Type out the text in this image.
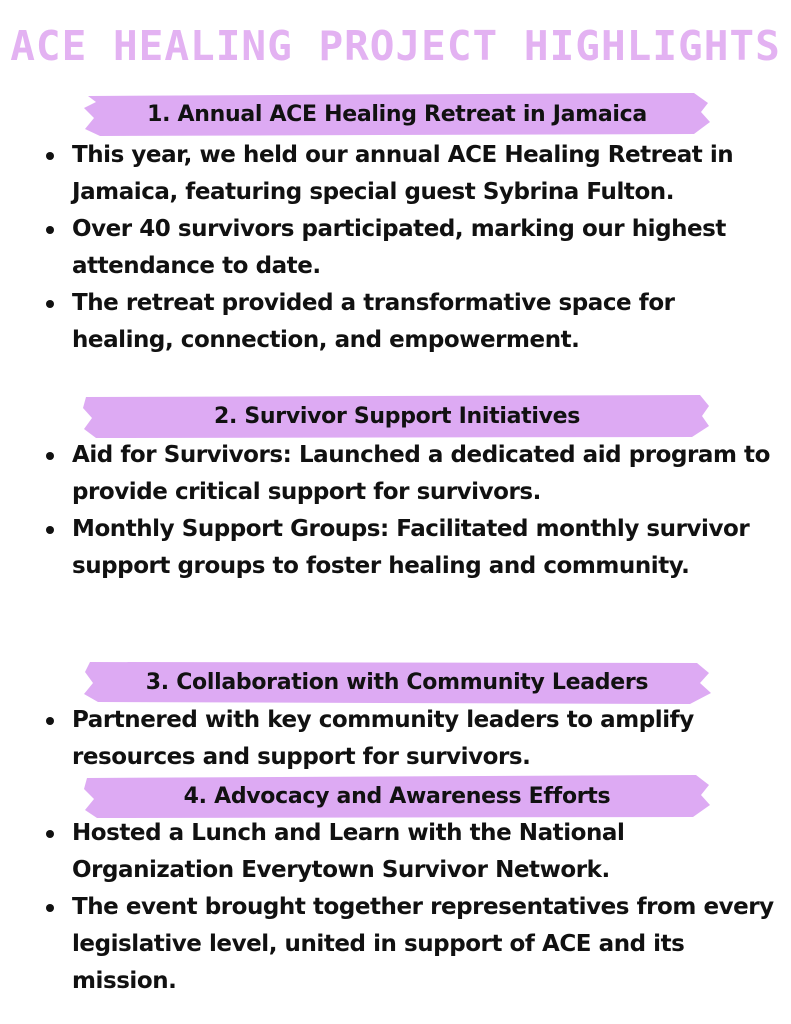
ACE HEALING PROJECT HIGHLIGHTS
1. Annual ACE Healing Retreat in Jamaica
This year, we held our annual ACE Healing Retreat in Jamaica, featuring special guest Sybrina Fulton.
Over 40 survivors participated, marking our highest attendance to date.
The retreat provided a transformative space for healing, connection, and empowerment.
2. Survivor Support Initiatives
Aid for Survivors: Launched a dedicated aid program to provide critical support for survivors.
Monthly Support Groups: Facilitated monthly survivor support groups to foster healing and community.
3. Collaboration with Community Leaders
Partnered with key community leaders to amplify resources and support for survivors.
4. Advocacy and Awareness Efforts
Hosted a Lunch and Learn with the National Organization Everytown Survivor Network.
The event brought together representatives from every legislative level, united in support of ACE and its mission.
